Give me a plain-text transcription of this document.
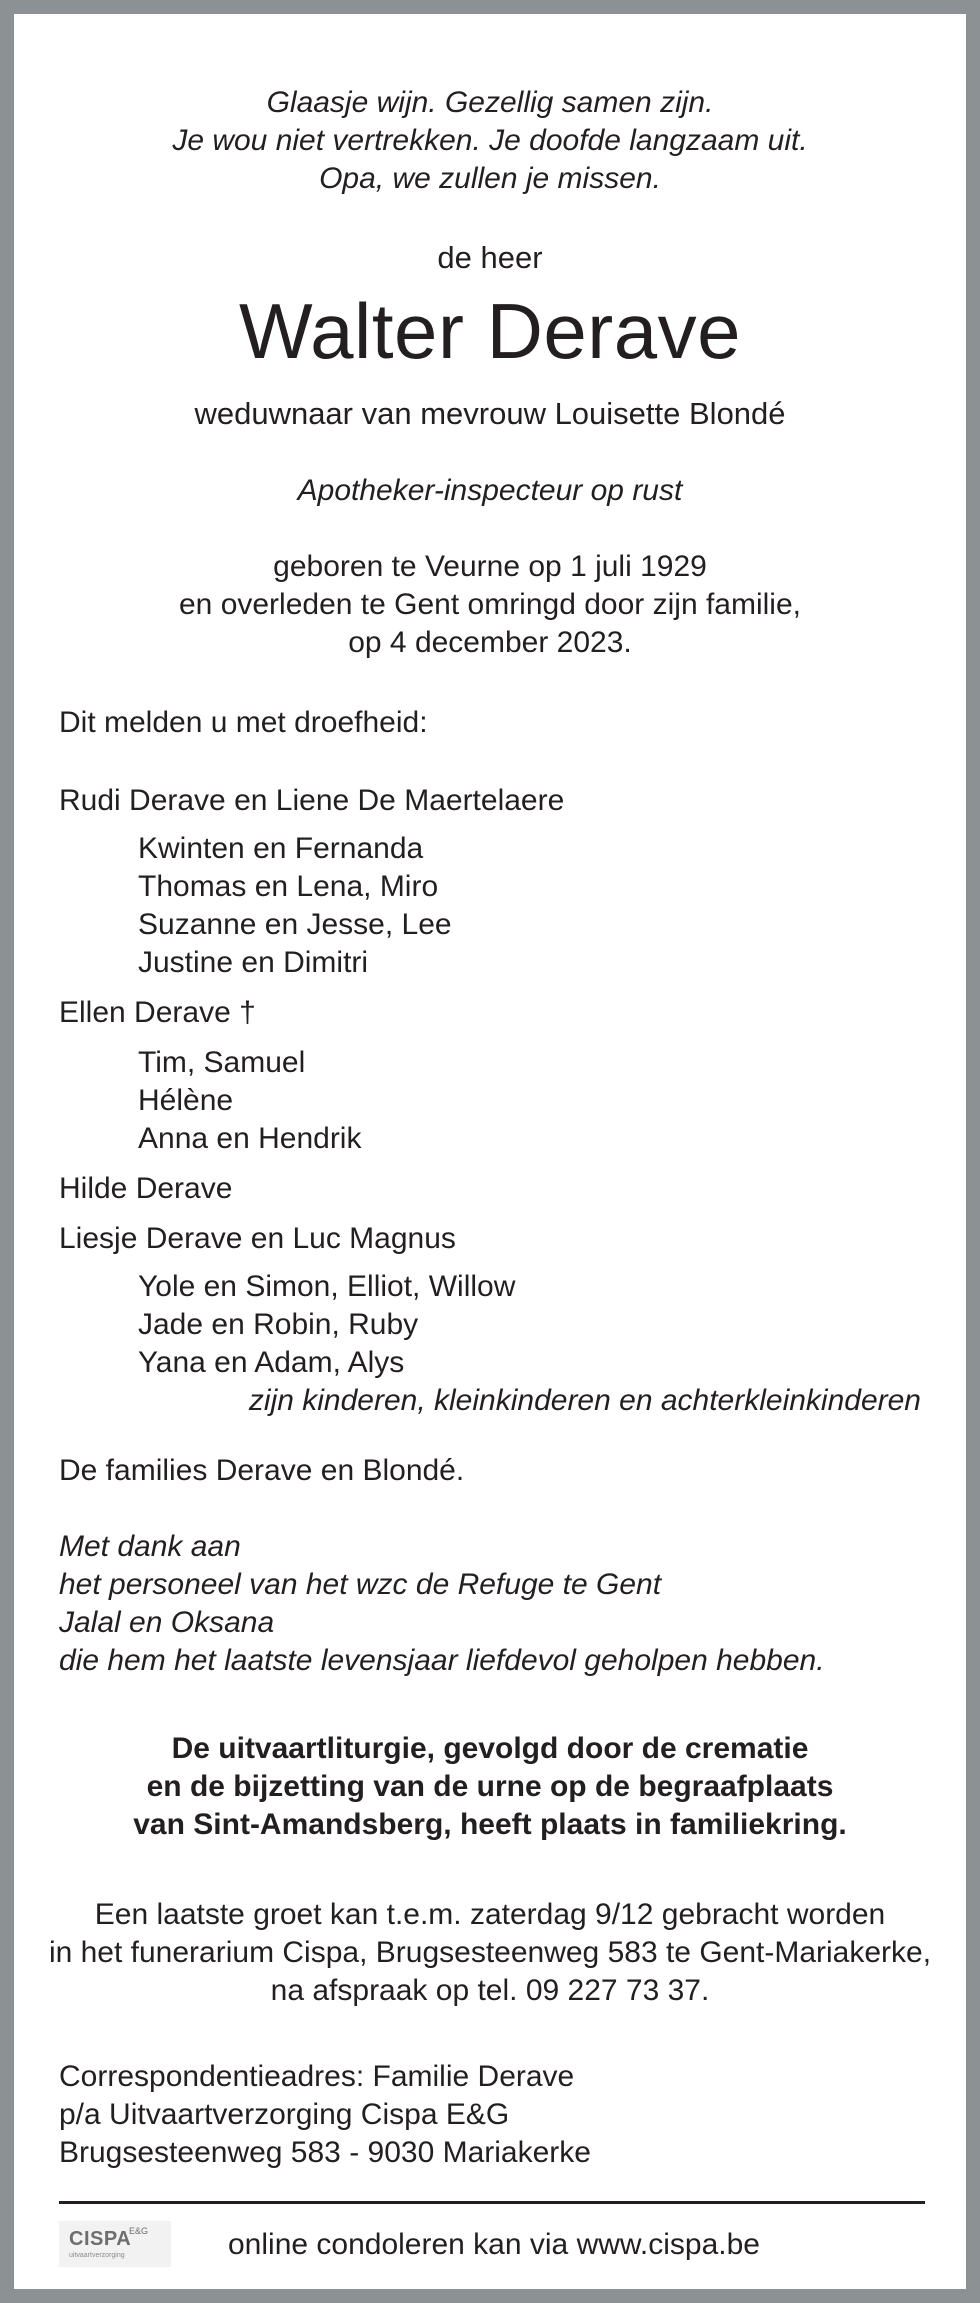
Glaasje wijn. Gezellig samen zijn.
Je wou niet vertrekken. Je doofde langzaam uit.
Opa, we zullen je missen.
de heer
Walter Derave
weduwnaar van mevrouw Louisette Blondé
Apotheker-inspecteur op rust
geboren te Veurne op 1 juli 1929
en overleden te Gent omringd door zijn familie,
op 4 december 2023.
Dit melden u met droefheid:
Rudi Derave en Liene De Maertelaere
Kwinten en Fernanda
Thomas en Lena, Miro
Suzanne en Jesse, Lee
Justine en Dimitri
Ellen Derave †
Tim, Samuel
Hélène
Anna en Hendrik
Hilde Derave
Liesje Derave en Luc Magnus
Yole en Simon, Elliot, Willow
Jade en Robin, Ruby
Yana en Adam, Alys
zijn kinderen, kleinkinderen en achterkleinkinderen
De families Derave en Blondé.
Met dank aan
het personeel van het wzc de Refuge te Gent
Jalal en Oksana
die hem het laatste levensjaar liefdevol geholpen hebben.
De uitvaartliturgie, gevolgd door de crematie
en de bijzetting van de urne op de begraafplaats
van Sint-Amandsberg, heeft plaats in familiekring.
Een laatste groet kan t.e.m. zaterdag 9/12 gebracht worden
in het funerarium Cispa, Brugsesteenweg 583 te Gent-Mariakerke,
na afspraak op tel. 09 227 73 37.
Correspondentieadres: Familie Derave
p/a Uitvaartverzorging Cispa E&G
Brugsesteenweg 583 - 9030 Mariakerke
CISPA
E&G
uitvaartverzorging	online condoleren kan via www.cispa.be
